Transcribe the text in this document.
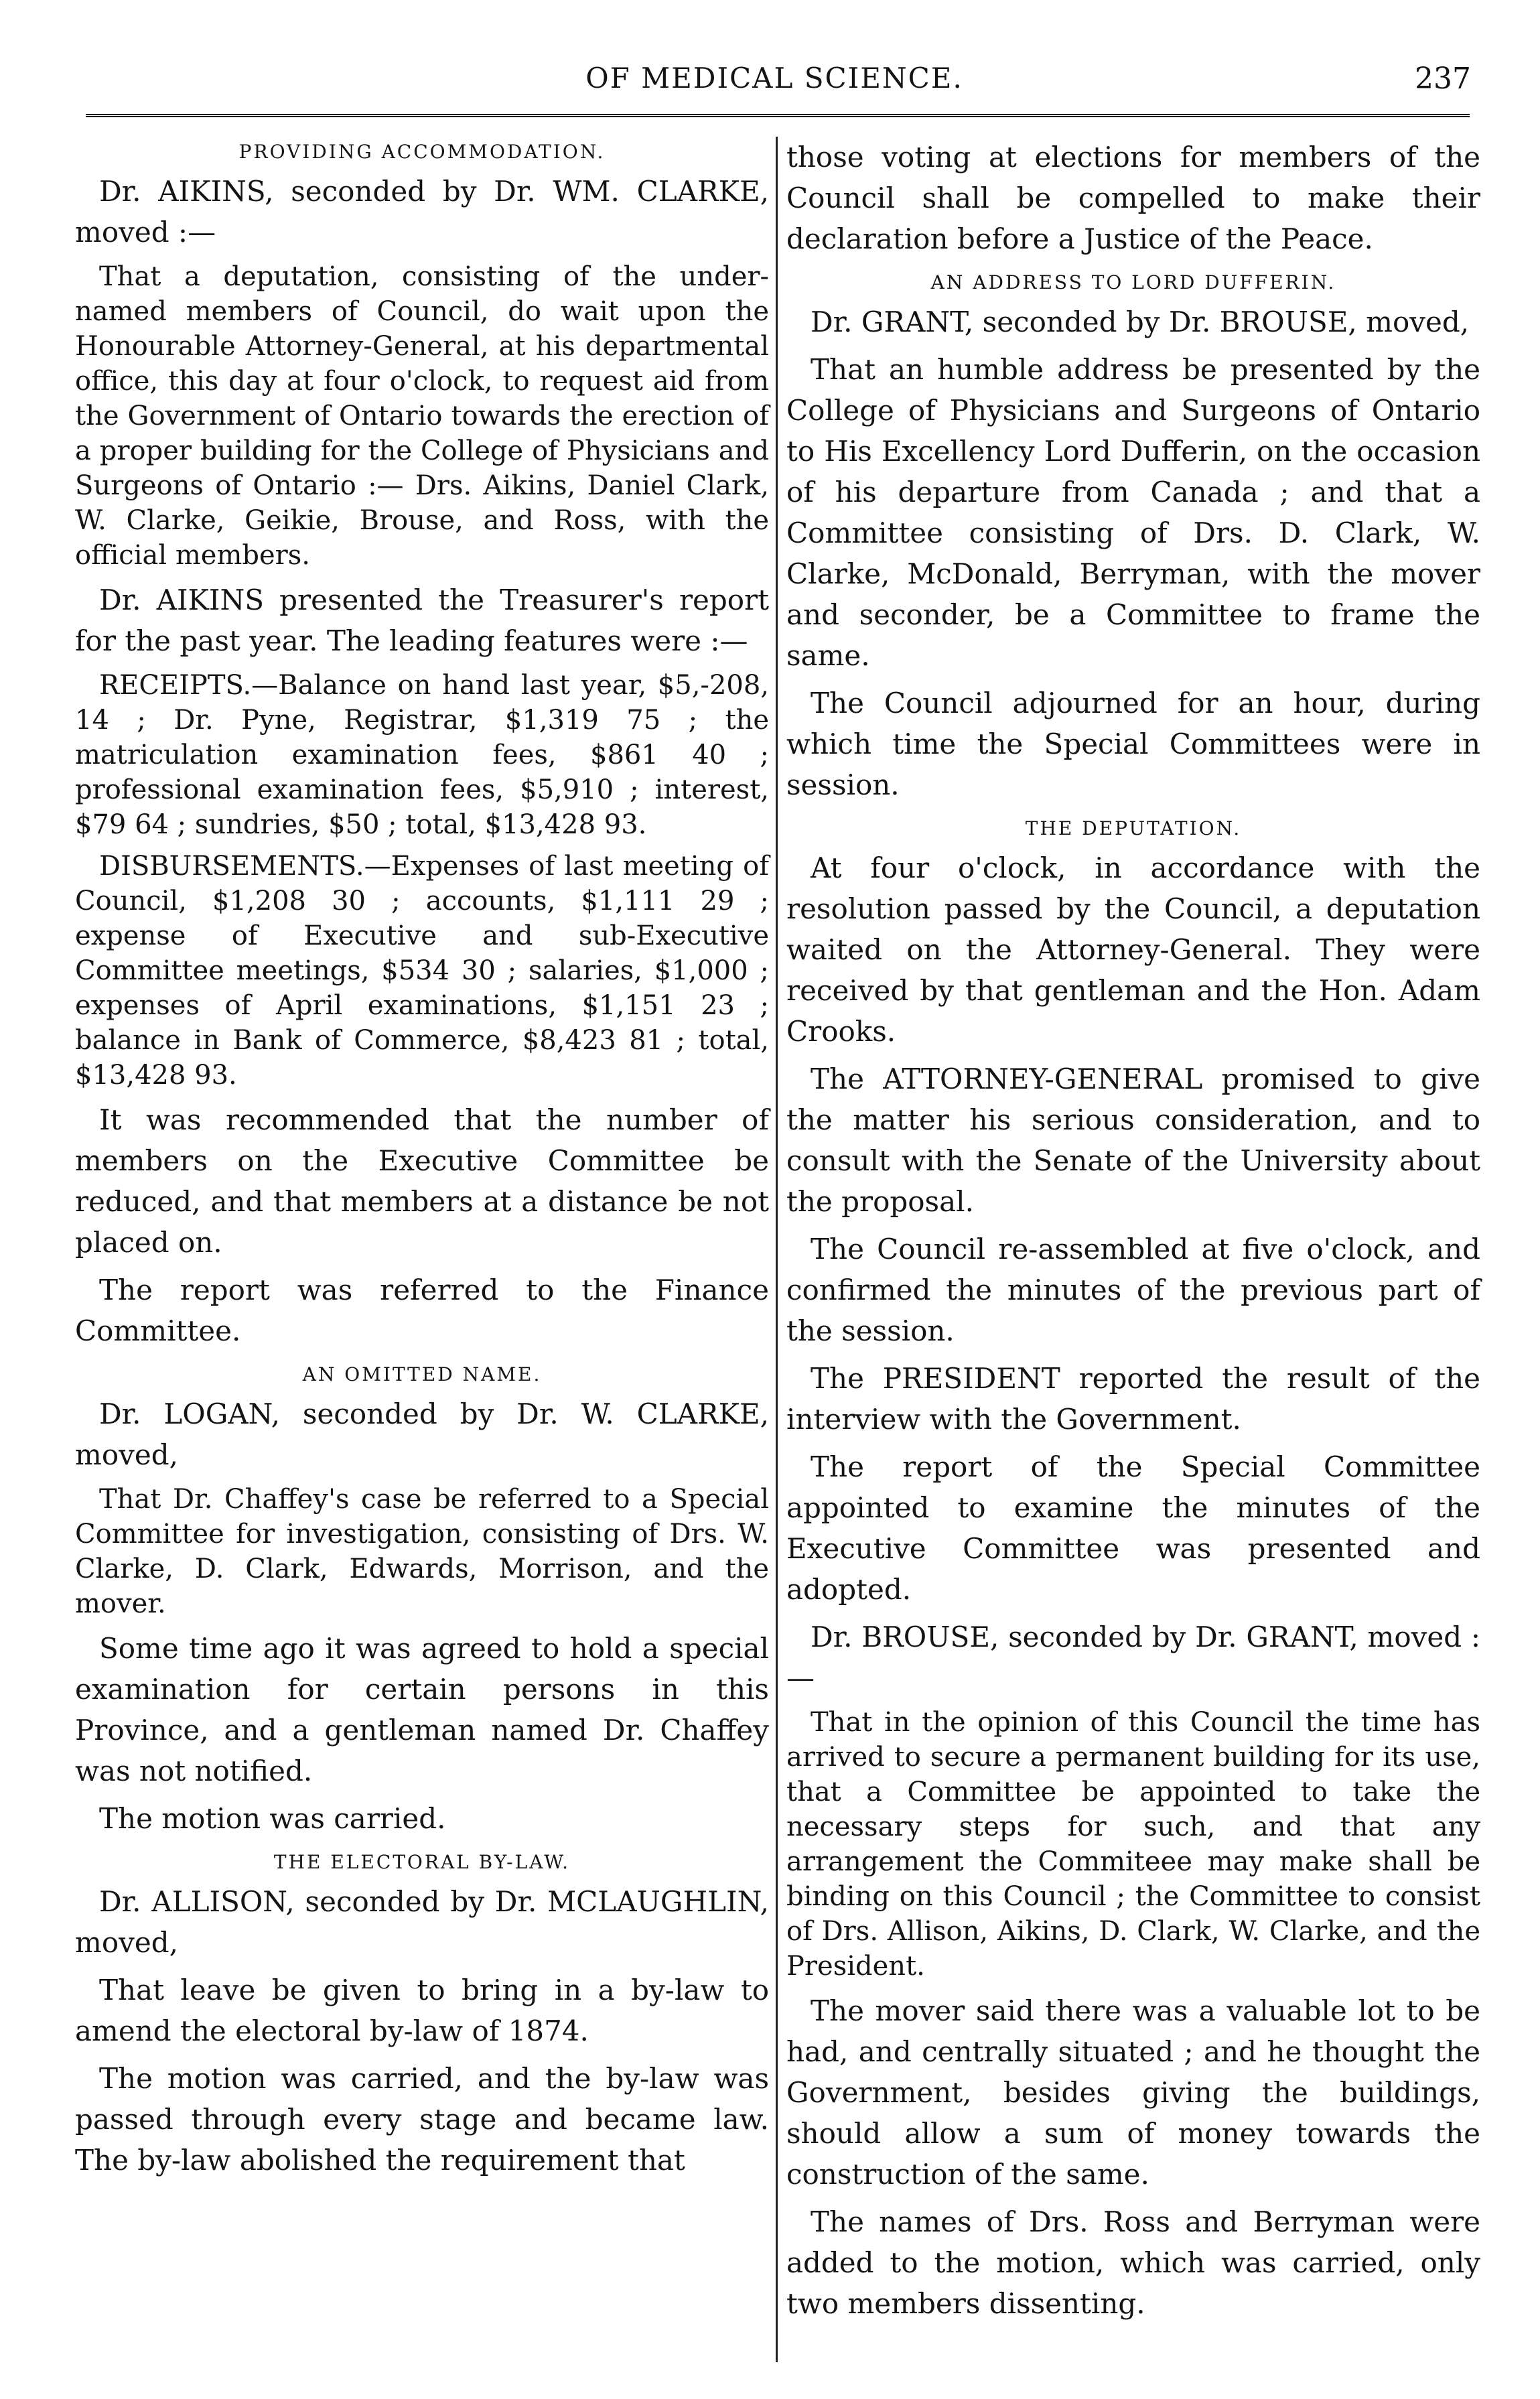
OF MEDICAL SCIENCE.	237
PROVIDING ACCOMMODATION.

Dr. AIKINS, seconded by Dr. WM. CLARKE, moved :—

That a deputation, consisting of the under-named members of Council, do wait upon the Honourable Attorney-General, at his departmental office, this day at four o'clock, to request aid from the Government of Ontario towards the erection of a proper building for the College of Physicians and Surgeons of Ontario :— Drs. Aikins, Daniel Clark, W. Clarke, Geikie, Brouse, and Ross, with the official members.

Dr. AIKINS presented the Treasurer's report for the past year. The leading features were :—

RECEIPTS.—Balance on hand last year, $5,-208, 14 ; Dr. Pyne, Registrar, $1,319 75 ; the matriculation examination fees, $861 40 ; professional examination fees, $5,910 ; interest, $79 64 ; sundries, $50 ; total, $13,428 93.

DISBURSEMENTS.—Expenses of last meeting of Council, $1,208 30 ; accounts, $1,111 29 ; expense of Executive and sub-Executive Committee meetings, $534 30 ; salaries, $1,000 ; expenses of April examinations, $1,151 23 ; balance in Bank of Commerce, $8,423 81 ; total, $13,428 93.

It was recommended that the number of members on the Executive Committee be reduced, and that members at a distance be not placed on.

The report was referred to the Finance Committee.

AN OMITTED NAME.

Dr. LOGAN, seconded by Dr. W. CLARKE, moved,

That Dr. Chaffey's case be referred to a Special Committee for investigation, consisting of Drs. W. Clarke, D. Clark, Edwards, Morrison, and the mover.

Some time ago it was agreed to hold a special examination for certain persons in this Province, and a gentleman named Dr. Chaffey was not notified.

The motion was carried.

THE ELECTORAL BY-LAW.

Dr. ALLISON, seconded by Dr. MCLAUGHLIN, moved,

That leave be given to bring in a by-law to amend the electoral by-law of 1874.

The motion was carried, and the by-law was passed through every stage and became law. The by-law abolished the requirement that

those voting at elections for members of the Council shall be compelled to make their declaration before a Justice of the Peace.

AN ADDRESS TO LORD DUFFERIN.

Dr. GRANT, seconded by Dr. BROUSE, moved,

That an humble address be presented by the College of Physicians and Surgeons of Ontario to His Excellency Lord Dufferin, on the occasion of his departure from Canada ; and that a Committee consisting of Drs. D. Clark, W. Clarke, McDonald, Berryman, with the mover and seconder, be a Committee to frame the same.

The Council adjourned for an hour, during which time the Special Committees were in session.

THE DEPUTATION.

At four o'clock, in accordance with the resolution passed by the Council, a deputation waited on the Attorney-General. They were received by that gentleman and the Hon. Adam Crooks.

The ATTORNEY-GENERAL promised to give the matter his serious consideration, and to consult with the Senate of the University about the proposal.

The Council re-assembled at five o'clock, and confirmed the minutes of the previous part of the session.

The PRESIDENT reported the result of the interview with the Government.

The report of the Special Committee appointed to examine the minutes of the Executive Committee was presented and adopted.

Dr. BROUSE, seconded by Dr. GRANT, moved :—

That in the opinion of this Council the time has arrived to secure a permanent building for its use, that a Committee be appointed to take the necessary steps for such, and that any arrangement the Commiteee may make shall be binding on this Council ; the Committee to consist of Drs. Allison, Aikins, D. Clark, W. Clarke, and the President.

The mover said there was a valuable lot to be had, and centrally situated ; and he thought the Government, besides giving the buildings, should allow a sum of money towards the construction of the same.

The names of Drs. Ross and Berryman were added to the motion, which was carried, only two members dissenting.
